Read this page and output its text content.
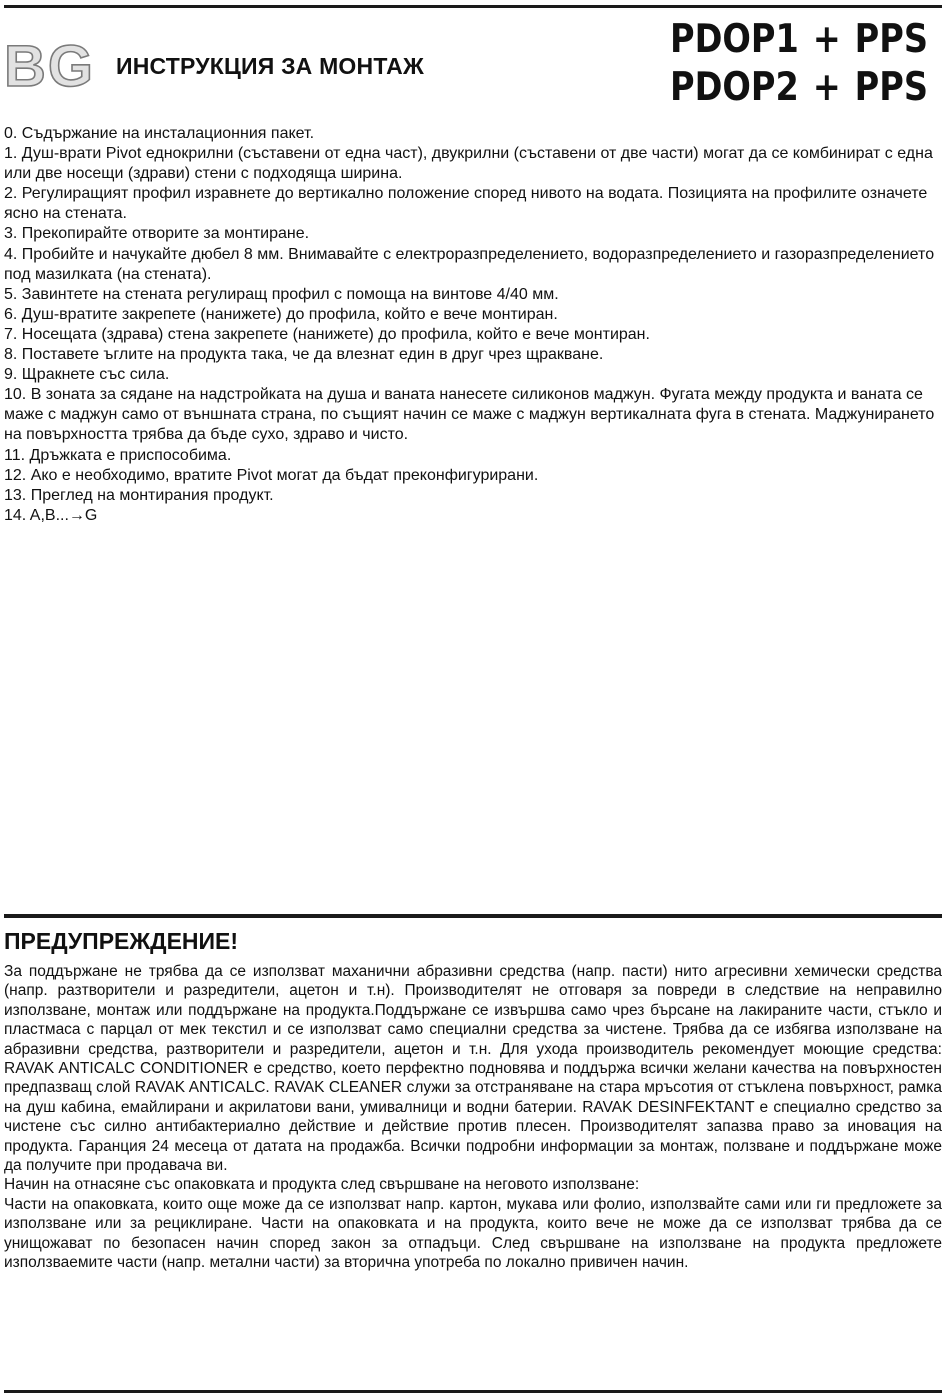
BG ИНСТРУКЦИЯ ЗА МОНТАЖ
PDOP1 + PPS
PDOP2 + PPS
0. Съдържание на инсталационния пакет.
1. Душ-врати Pivot еднокрилни (съставени от една част), двукрилни (съставени от две части) могат да се комбинират с една или две носещи (здрави) стени с подходяща ширина.
2. Регулиращият профил изравнете до вертикално положение според нивото на водата. Позицията на профилите означете ясно на стената.
3. Прекопирайте отворите за монтиране.
4. Пробийте и начукайте дюбел 8 мм. Внимавайте с електроразпределението, водоразпределението и газоразпределението под мазилката (на стената).
5. Завинтете на стената регулиращ профил с помоща на винтове 4/40 мм.
6. Душ-вратите закрепете (нанижете) до профила, който е вече монтиран.
7. Носещата (здрава) стена закрепете (нанижете) до профила, който е вече монтиран.
8. Поставете ъглите на продукта така, че да влезнат един в друг чрез щракване.
9. Щракнете със сила.
10. В зоната за сядане на надстройката на душа и ваната нанесете силиконов маджун. Фугата между продукта и ваната се маже с маджун само от външната страна, по същият начин се маже с маджун вертикалната фуга в стената. Маджунирането на повърхността трябва да бъде сухо, здраво и чисто.
11. Дръжката е приспособима.
12. Ако е необходимо, вратите Pivot могат да бъдат преконфигурирани.
13. Преглед на монтирания продукт.
14. A,B...→G
ПРЕДУПРЕЖДЕНИЕ!

За поддържане не трябва да се използват маханични абразивни средства (напр. пасти) нито агресивни хемически средства (напр. разтворители и разредители, ацетон и т.н). Производителят не отговаря за повреди в следствие на неправилно използване, монтаж или поддържане на продукта.Поддържане се извършва само чрез бърсане на лакираните части, стъкло и пластмаса с парцал от мек текстил и се използват само специални средства за чистене. Трябва да се избягва използване на абразивни средства, разтворители и разредители, ацетон и т.н. Для ухода производитель рекомендует моющие средства: RAVAK ANTICALC CONDITIONER е средство, което перфектно подновява и поддържа всички желани качества на повърхностен предпазващ слой RAVAK ANTICALC. RAVAK CLEANER служи за отстраняване на стара мръсотия от стъклена повърхност, рамка на душ кабина, емайлирани и акрилатови вани, умивалници и водни батерии. RAVAK DESINFEKTANT е специално средство за чистене със силно антибактериално действие и действие против плесен. Производителят запазва право за иновация на продукта. Гаранция 24 месеца от датата на продажба. Всички подробни информации за монтаж, ползване и поддържане може да получите при продавача ви.

Начин на отнасяне със опаковката и продукта след свършване на неговото използване:

Части на опаковката, които още може да се използват напр. картон, мукава или фолио, използвайте сами или ги предложете за използване или за рециклиране. Части на опаковката и на продукта, които вече не може да се използват трябва да се унищожават по безопасен начин според закон за отпадъци. След свършване на използване на продукта предложете използваемите части (напр. метални части) за вторична употреба по локално привичен начин.
